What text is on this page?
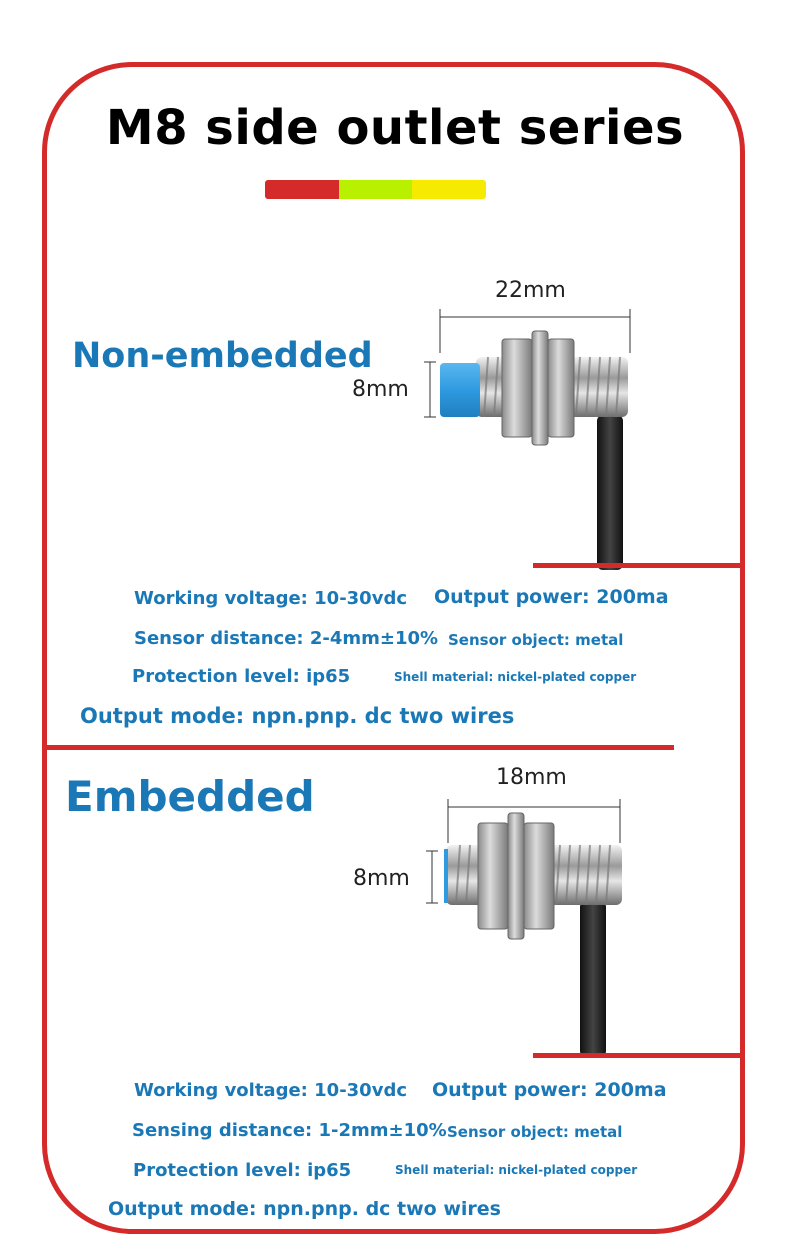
M8 side outlet series
Non-embedded
22mm
8mm
Working voltage: 10-30vdc Output power: 200ma
Sensor distance: 2-4mm±10% Sensor object: metal
Protection level: ip65	Shell material: nickel-plated copper
Output mode: npn.pnp. dc two wires
Embedded	18mm
8mm
Working voltage: 10-30vdc Output power: 200ma
Sensing distance: 1-2mm±10% Sensor object: metal
Protection level: ip65	Shell material: nickel-plated copper
Output mode: npn.pnp. dc two wires
